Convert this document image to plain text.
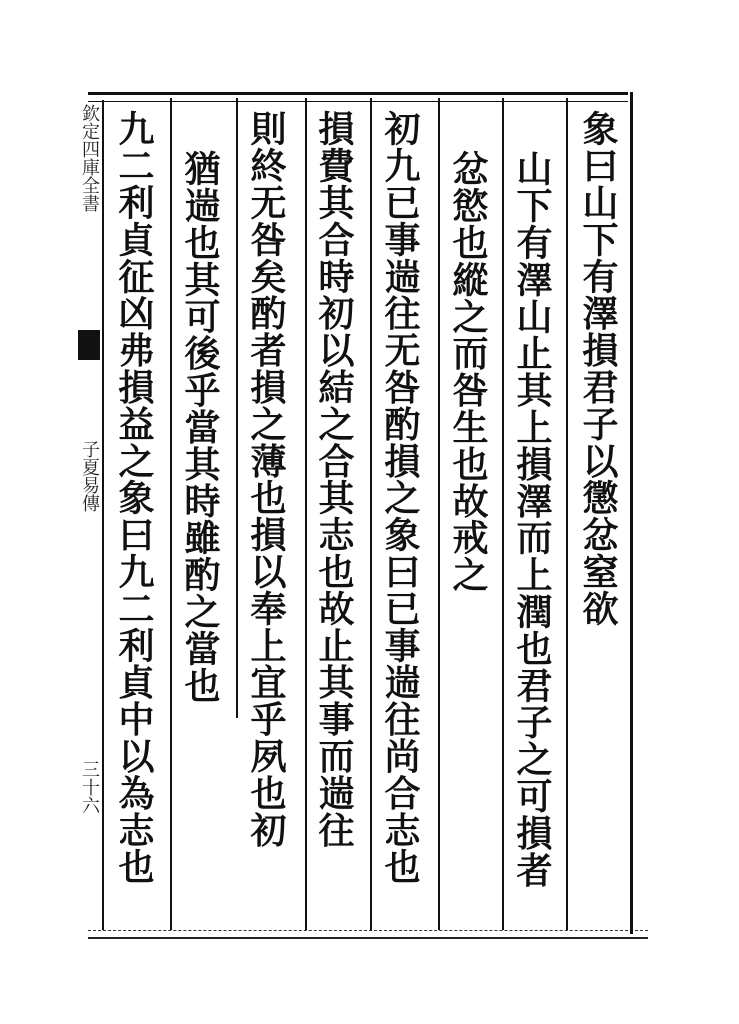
欽定四庫全書
子夏易傳
三十六
象曰山下有澤損君子以懲忿窒欲
山下有澤山止其上損澤而上潤也君子之可損者
忿慾也縱之而咎生也故戒之
初九已事遄往无咎酌損之象曰已事遄往尚合志也
損費其合時初以結之合其志也故止其事而遄往
則終无咎矣酌者損之薄也損以奉上宜乎夙也初
猶遄也其可後乎當其時雖酌之當也
九二利貞征凶弗損益之象曰九二利貞中以為志也
